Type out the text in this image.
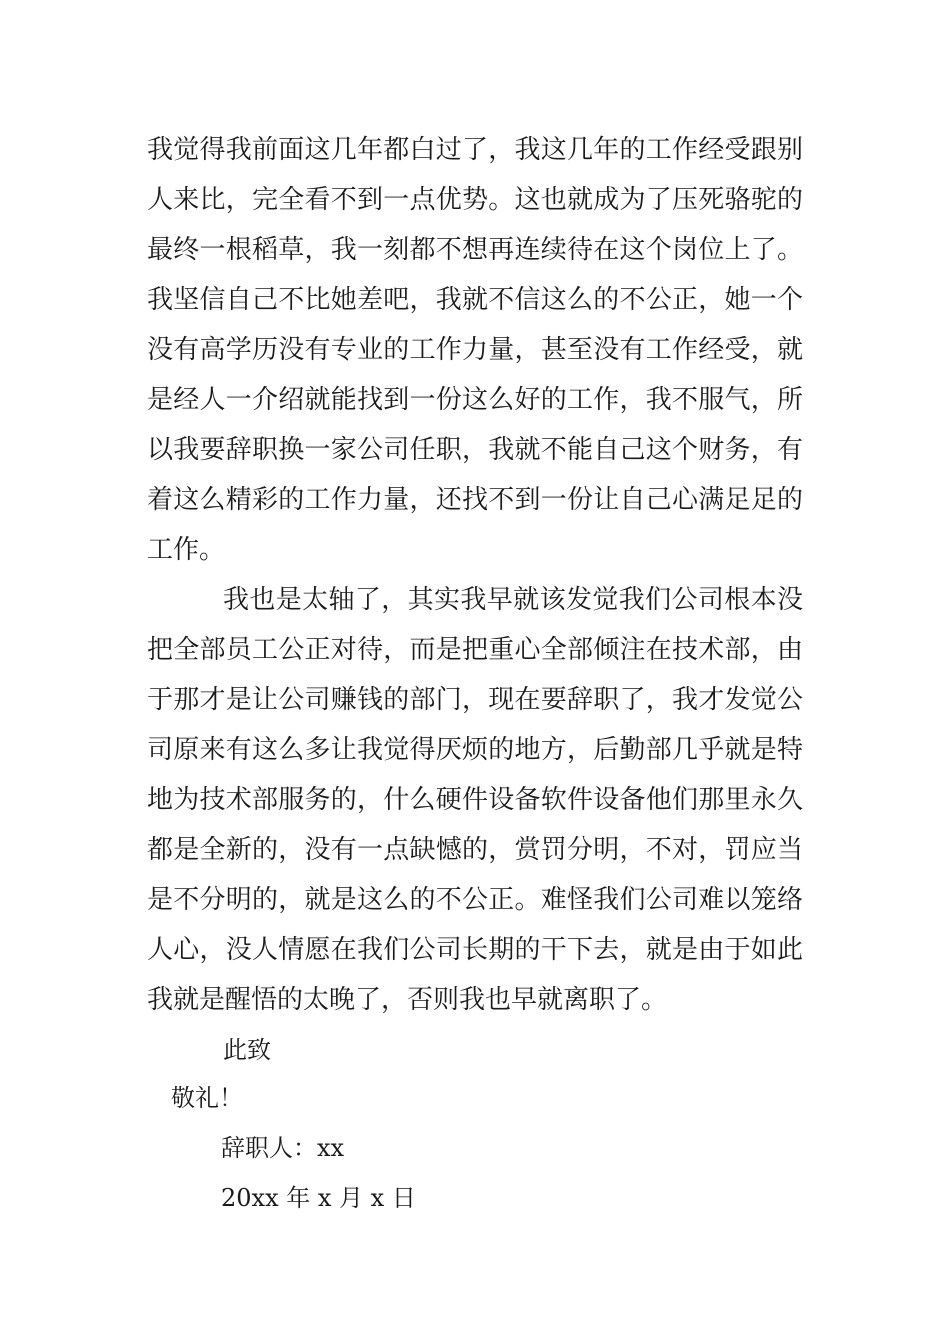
我觉得我前面这几年都白过了，我这几年的工作经受跟别
人来比，完全看不到一点优势。这也就成为了压死骆驼的
最终一根稻草，我一刻都不想再连续待在这个岗位上了。
我坚信自己不比她差吧，我就不信这么的不公正，她一个
没有高学历没有专业的工作力量，甚至没有工作经受，就
是经人一介绍就能找到一份这么好的工作，我不服气，所
以我要辞职换一家公司任职，我就不能自己这个财务，有
着这么精彩的工作力量，还找不到一份让自己心满足足的
工作。
我也是太轴了，其实我早就该发觉我们公司根本没
把全部员工公正对待，而是把重心全部倾注在技术部，由
于那才是让公司赚钱的部门，现在要辞职了，我才发觉公
司原来有这么多让我觉得厌烦的地方，后勤部几乎就是特
地为技术部服务的，什么硬件设备软件设备他们那里永久
都是全新的，没有一点缺憾的，赏罚分明，不对，罚应当
是不分明的，就是这么的不公正。难怪我们公司难以笼络
人心，没人情愿在我们公司长期的干下去，就是由于如此
我就是醒悟的太晚了，否则我也早就离职了。
此致
敬礼！
辞职人：xx
20xx 年 x 月 x 日
